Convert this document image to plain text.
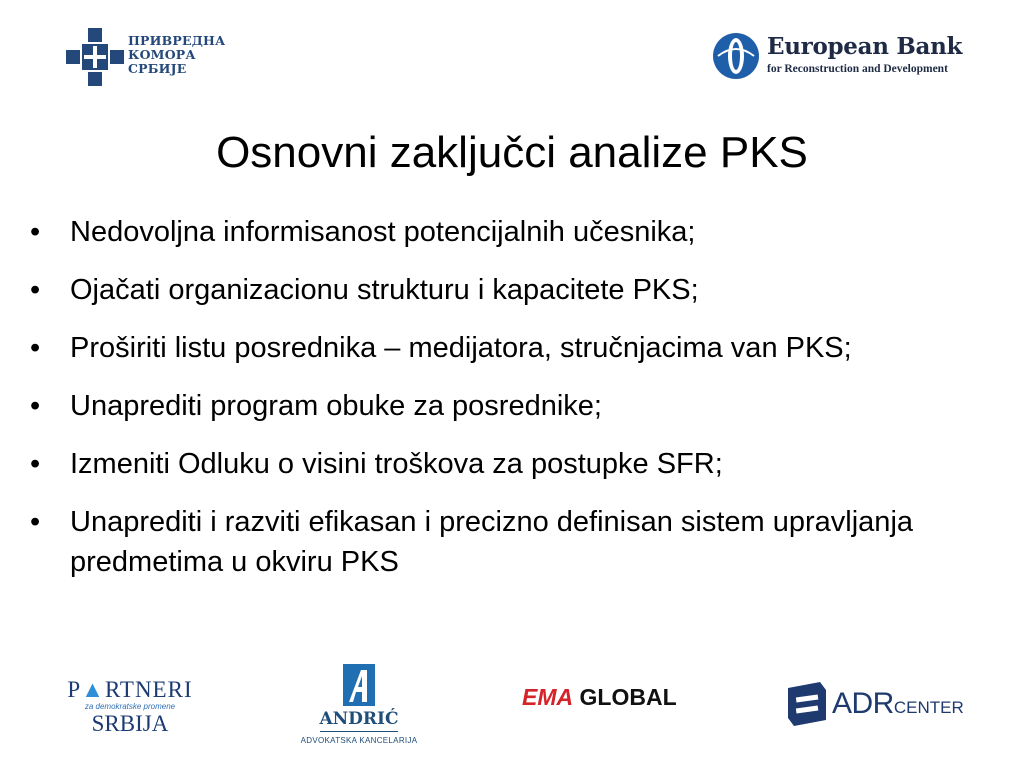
ПРИВРЕДНА
КОМОРА
СРБИЈЕ
European Bank
for Reconstruction and Development
Osnovni zaključci analize PKS
• Nedovoljna informisanost potencijalnih učesnika;
• Ojačati organizacionu strukturu i kapacitete PKS;
• Proširiti listu posrednika – medijatora, stručnjacima van PKS;
• Unaprediti program obuke za posrednike;
• Izmeniti Odluku o visini troškova za postupke SFR;
• Unaprediti i razviti efikasan i precizno definisan sistem upravljanja predmetima u okviru PKS
P▲RTNERI
za demokratske promene
SRBIJA	ANDRIĆ
ADVOKATSKA KANCELARIJA
EMA GLOBAL	ADRCENTER
